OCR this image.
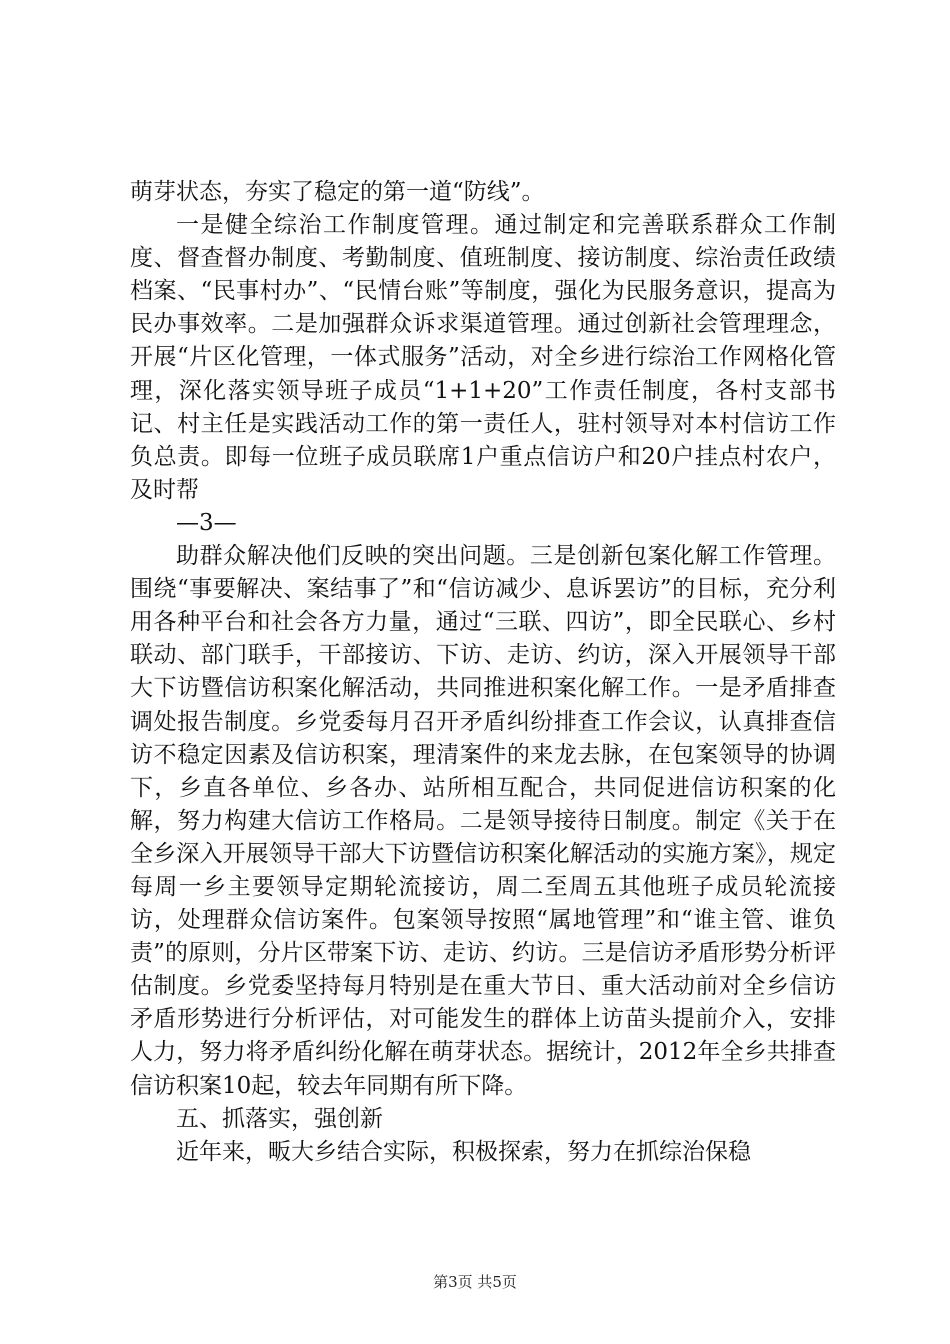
萌芽状态，夯实了稳定的第一道“防线”。

一是健全综治工作制度管理。通过制定和完善联系群众工作制度、督查督办制度、考勤制度、值班制度、接访制度、综治责任政绩档案、“民事村办”、“民情台账”等制度，强化为民服务意识，提高为民办事效率。二是加强群众诉求渠道管理。通过创新社会管理理念，开展“片区化管理，一体式服务”活动，对全乡进行综治工作网格化管理，深化落实领导班子成员“1+1+20”工作责任制度，各村支部书记、村主任是实践活动工作的第一责任人，驻村领导对本村信访工作负总责。即每一位班子成员联席1户重点信访户和20户挂点村农户，及时帮

—3—

助群众解决他们反映的突出问题。三是创新包案化解工作管理。围绕“事要解决、案结事了”和“信访减少、息诉罢访”的目标，充分利用各种平台和社会各方力量，通过“三联、四访”，即全民联心、乡村联动、部门联手，干部接访、下访、走访、约访，深入开展领导干部大下访暨信访积案化解活动，共同推进积案化解工作。一是矛盾排查调处报告制度。乡党委每月召开矛盾纠纷排查工作会议，认真排查信访不稳定因素及信访积案，理清案件的来龙去脉，在包案领导的协调下，乡直各单位、乡各办、站所相互配合，共同促进信访积案的化解，努力构建大信访工作格局。二是领导接待日制度。制定《关于在全乡深入开展领导干部大下访暨信访积案化解活动的实施方案》，规定每周一乡主要领导定期轮流接访，周二至周五其他班子成员轮流接访，处理群众信访案件。包案领导按照“属地管理”和“谁主管、谁负责”的原则，分片区带案下访、走访、约访。三是信访矛盾形势分析评估制度。乡党委坚持每月特别是在重大节日、重大活动前对全乡信访矛盾形势进行分析评估，对可能发生的群体上访苗头提前介入，安排人力，努力将矛盾纠纷化解在萌芽状态。据统计，2012年全乡共排查信访积案10起，较去年同期有所下降。

五、抓落实，强创新

近年来，畈大乡结合实际，积极探索，努力在抓综治保稳

第3页 共5页
